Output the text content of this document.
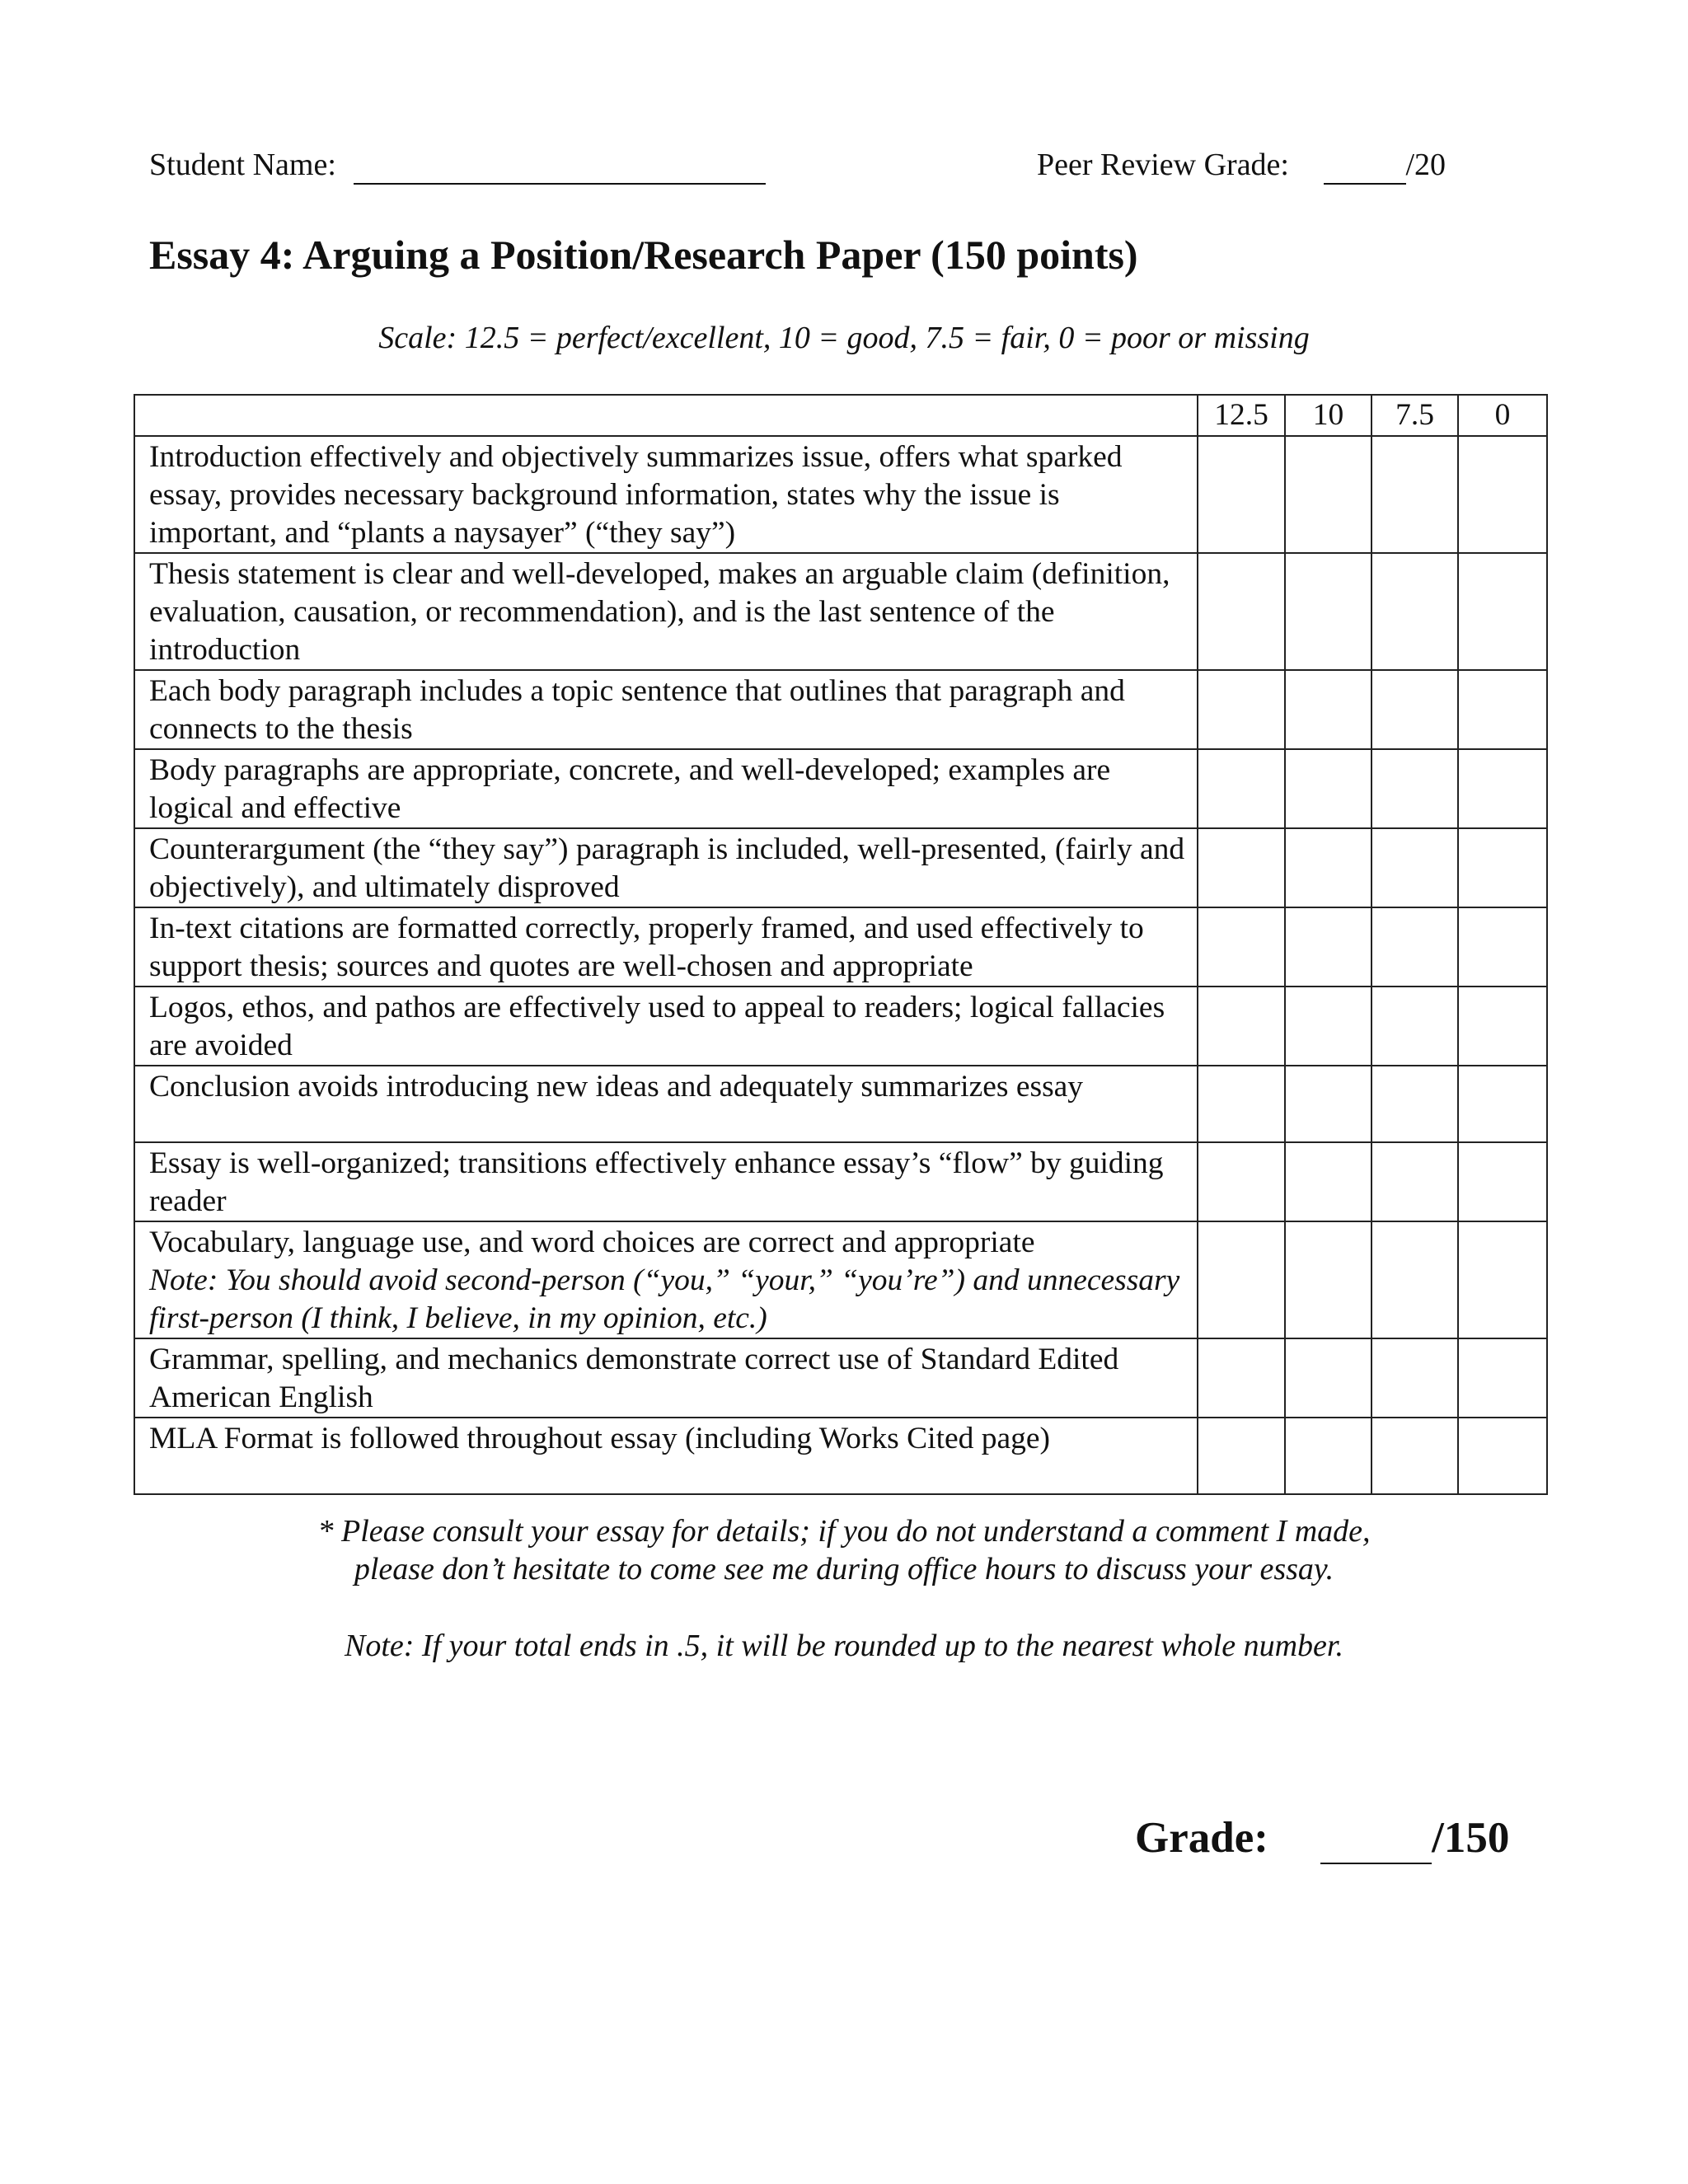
Student Name:	Peer Review Grade:	/20
Essay 4: Arguing a Position/Research Paper (150 points)
Scale: 12.5 = perfect/excellent, 10 = good, 7.5 = fair, 0 = poor or missing
	12.5	10	7.5	0
Introduction effectively and objectively summarizes issue, offers what sparked essay, provides necessary background information, states why the issue is important, and “plants a naysayer” (“they say”)				
Thesis statement is clear and well-developed, makes an arguable claim (definition, evaluation, causation, or recommendation), and is the last sentence of the introduction				
Each body paragraph includes a topic sentence that outlines that paragraph and connects to the thesis				
Body paragraphs are appropriate, concrete, and well-developed; examples are logical and effective				
Counterargument (the “they say”) paragraph is included, well-presented, (fairly and objectively), and ultimately disproved				
In-text citations are formatted correctly, properly framed, and used effectively to support thesis; sources and quotes are well-chosen and appropriate				
Logos, ethos, and pathos are effectively used to appeal to readers; logical fallacies are avoided				
Conclusion avoids introducing new ideas and adequately summarizes essay				
Essay is well-organized; transitions effectively enhance essay’s “flow” by guiding reader				
Vocabulary, language use, and word choices are correct and appropriate
Note: You should avoid second-person (“you,” “your,” “you’re”) and unnecessary first-person (I think, I believe, in my opinion, etc.)				
Grammar, spelling, and mechanics demonstrate correct use of Standard Edited American English				
MLA Format is followed throughout essay (including Works Cited page)				
* Please consult your essay for details; if you do not understand a comment I made, please don’t hesitate to come see me during office hours to discuss your essay.
Note: If your total ends in .5, it will be rounded up to the nearest whole number.
Grade:	/150
